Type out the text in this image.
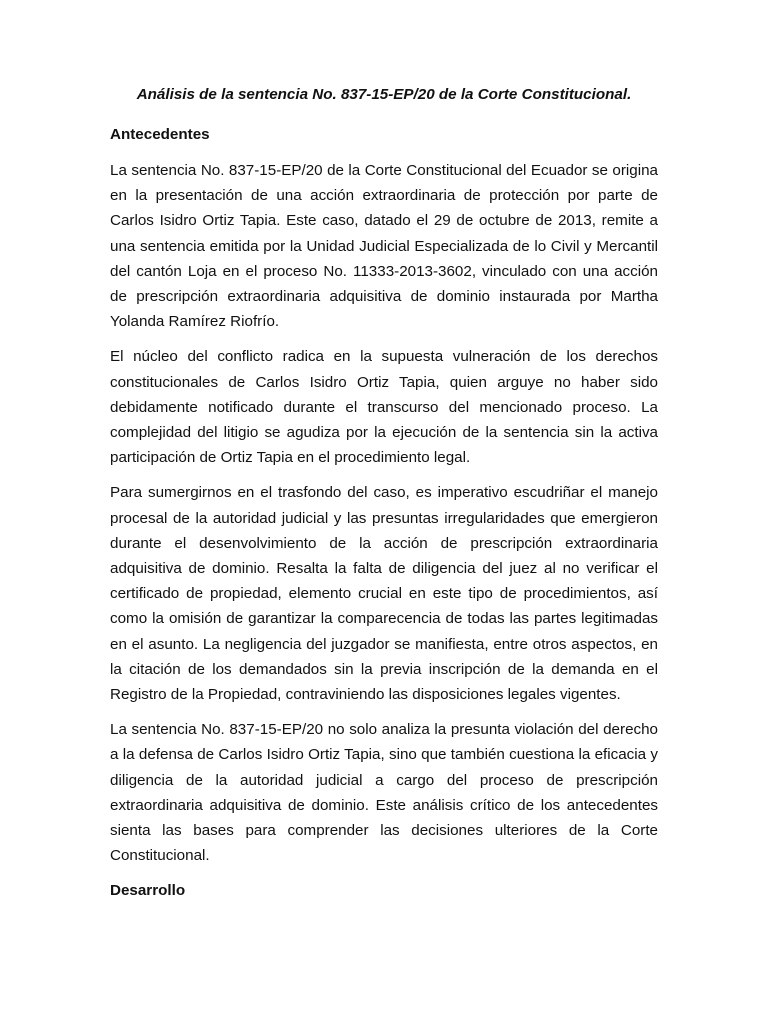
Análisis de la sentencia No. 837-15-EP/20 de la Corte Constitucional.
Antecedentes

La sentencia No. 837-15-EP/20 de la Corte Constitucional del Ecuador se origina en la presentación de una acción extraordinaria de protección por parte de Carlos Isidro Ortiz Tapia. Este caso, datado el 29 de octubre de 2013, remite a una sentencia emitida por la Unidad Judicial Especializada de lo Civil y Mercantil del cantón Loja en el proceso No. 11333-2013-3602, vinculado con una acción de prescripción extraordinaria adquisitiva de dominio instaurada por Martha Yolanda Ramírez Riofrío.

El núcleo del conflicto radica en la supuesta vulneración de los derechos constitucionales de Carlos Isidro Ortiz Tapia, quien arguye no haber sido debidamente notificado durante el transcurso del mencionado proceso. La complejidad del litigio se agudiza por la ejecución de la sentencia sin la activa participación de Ortiz Tapia en el procedimiento legal.

Para sumergirnos en el trasfondo del caso, es imperativo escudriñar el manejo procesal de la autoridad judicial y las presuntas irregularidades que emergieron durante el desenvolvimiento de la acción de prescripción extraordinaria adquisitiva de dominio. Resalta la falta de diligencia del juez al no verificar el certificado de propiedad, elemento crucial en este tipo de procedimientos, así como la omisión de garantizar la comparecencia de todas las partes legitimadas en el asunto. La negligencia del juzgador se manifiesta, entre otros aspectos, en la citación de los demandados sin la previa inscripción de la demanda en el Registro de la Propiedad, contraviniendo las disposiciones legales vigentes.

La sentencia No. 837-15-EP/20 no solo analiza la presunta violación del derecho a la defensa de Carlos Isidro Ortiz Tapia, sino que también cuestiona la eficacia y diligencia de la autoridad judicial a cargo del proceso de prescripción extraordinaria adquisitiva de dominio. Este análisis crítico de los antecedentes sienta las bases para comprender las decisiones ulteriores de la Corte Constitucional.

Desarrollo
